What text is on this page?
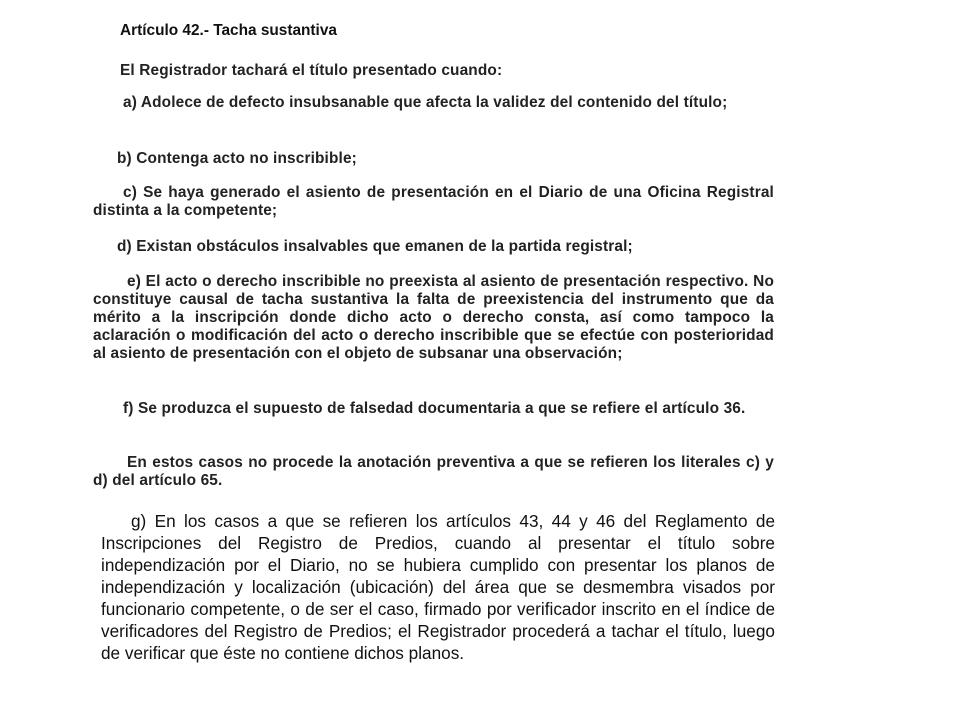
Artículo 42.- Tacha sustantiva

El Registrador tachará el título presentado cuando:

a) Adolece de defecto insubsanable que afecta la validez del contenido del título;

b) Contenga acto no inscribible;

c) Se haya generado el asiento de presentación en el Diario de una Oficina Registral distinta a la competente;

d) Existan obstáculos insalvables que emanen de la partida registral;

e) El acto o derecho inscribible no preexista al asiento de presentación respectivo. No constituye causal de tacha sustantiva la falta de preexistencia del instrumento que da mérito a la inscripción donde dicho acto o derecho consta, así como tampoco la aclaración o modificación del acto o derecho inscribible que se efectúe con posterioridad al asiento de presentación con el objeto de subsanar una observación;

f) Se produzca el supuesto de falsedad documentaria a que se refiere el artículo 36.

En estos casos no procede la anotación preventiva a que se refieren los literales c) y d) del artículo 65.

g) En los casos a que se refieren los artículos 43, 44 y 46 del Reglamento de Inscripciones del Registro de Predios, cuando al presentar el título sobre independización por el Diario, no se hubiera cumplido con presentar los planos de independización y localización (ubicación) del área que se desmembra visados por funcionario competente, o de ser el caso, firmado por verificador inscrito en el índice de verificadores del Registro de Predios; el Registrador procederá a tachar el título, luego de verificar que éste no contiene dichos planos.
